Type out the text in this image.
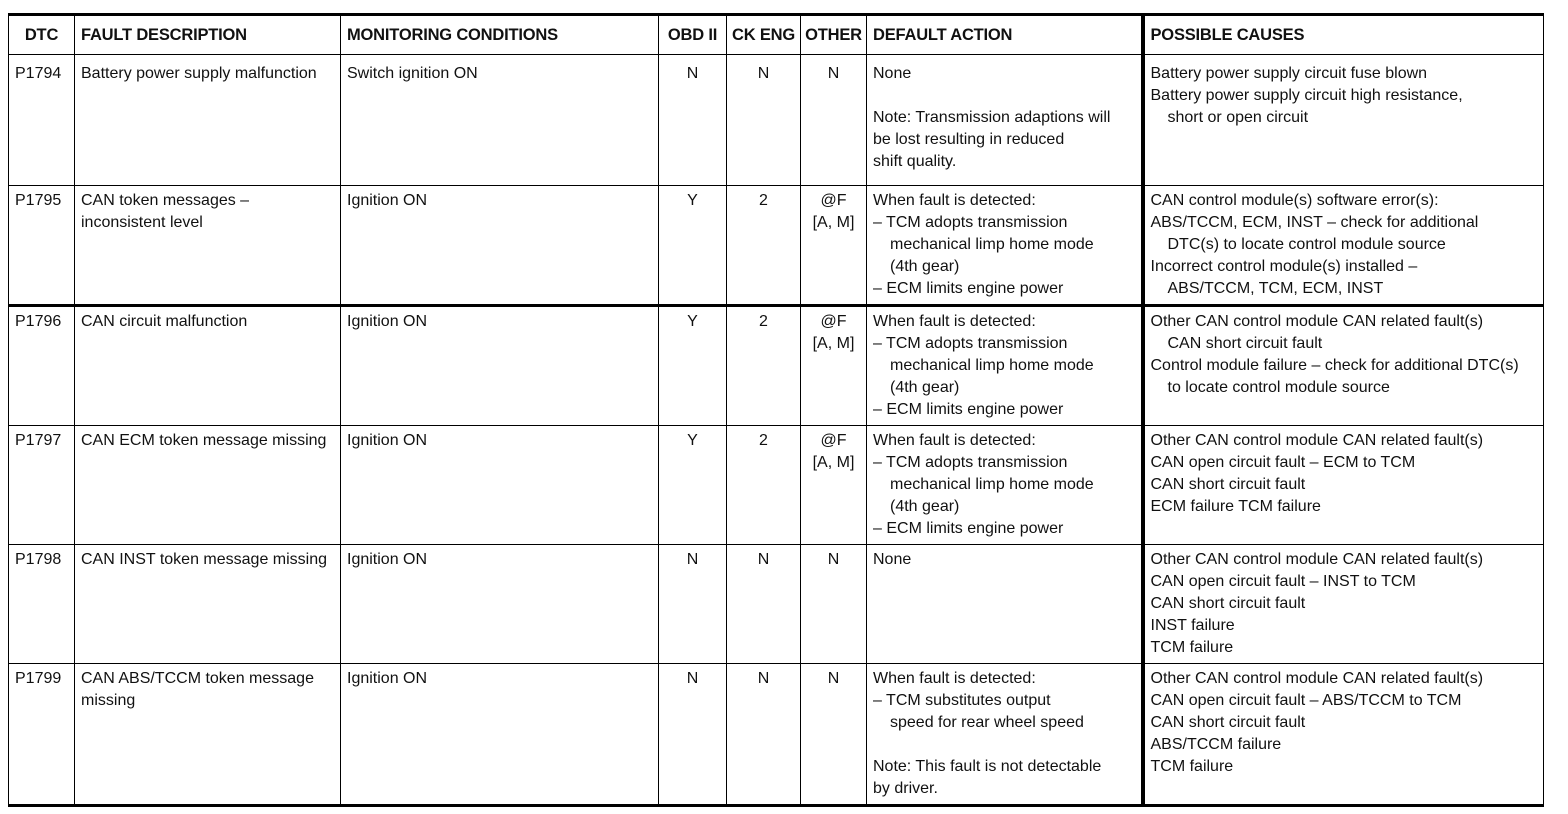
DTC	FAULT DESCRIPTION	MONITORING CONDITIONS	OBD II	CK ENG	OTHER	DEFAULT ACTION	POSSIBLE CAUSES
P1794	Battery power supply malfunction	Switch ignition ON	N	N	N	None

Note: Transmission adaptions will
be lost resulting in reduced
shift quality.	Battery power supply circuit fuse blown
Battery power supply circuit high resistance,
short or open circuit

P1795	CAN token messages –
inconsistent level	Ignition ON	Y	2	@F
[A, M]	When fault is detected:
– TCM adopts transmission
mechanical limp home mode
(4th gear)
– ECM limits engine power	CAN control module(s) software error(s):
ABS/TCCM, ECM, INST – check for additional
DTC(s) to locate control module source
Incorrect control module(s) installed –
ABS/TCCM, TCM, ECM, INST

P1796	CAN circuit malfunction	Ignition ON	Y	2	@F
[A, M]	When fault is detected:
– TCM adopts transmission
mechanical limp home mode
(4th gear)
– ECM limits engine power	Other CAN control module CAN related fault(s)
CAN short circuit fault
Control module failure – check for additional DTC(s)
to locate control module source

P1797	CAN ECM token message missing	Ignition ON	Y	2	@F
[A, M]	When fault is detected:
– TCM adopts transmission
mechanical limp home mode
(4th gear)
– ECM limits engine power	Other CAN control module CAN related fault(s)
CAN open circuit fault – ECM to TCM
CAN short circuit fault
ECM failure TCM failure

P1798	CAN INST token message missing	Ignition ON	N	N	N	None	Other CAN control module CAN related fault(s)
CAN open circuit fault – INST to TCM
CAN short circuit fault
INST failure
TCM failure

P1799	CAN ABS/TCCM token message
missing	Ignition ON	N	N	N	When fault is detected:
– TCM substitutes output
speed for rear wheel speed

Note: This fault is not detectable
by driver.	Other CAN control module CAN related fault(s)
CAN open circuit fault – ABS/TCCM to TCM
CAN short circuit fault
ABS/TCCM failure
TCM failure
